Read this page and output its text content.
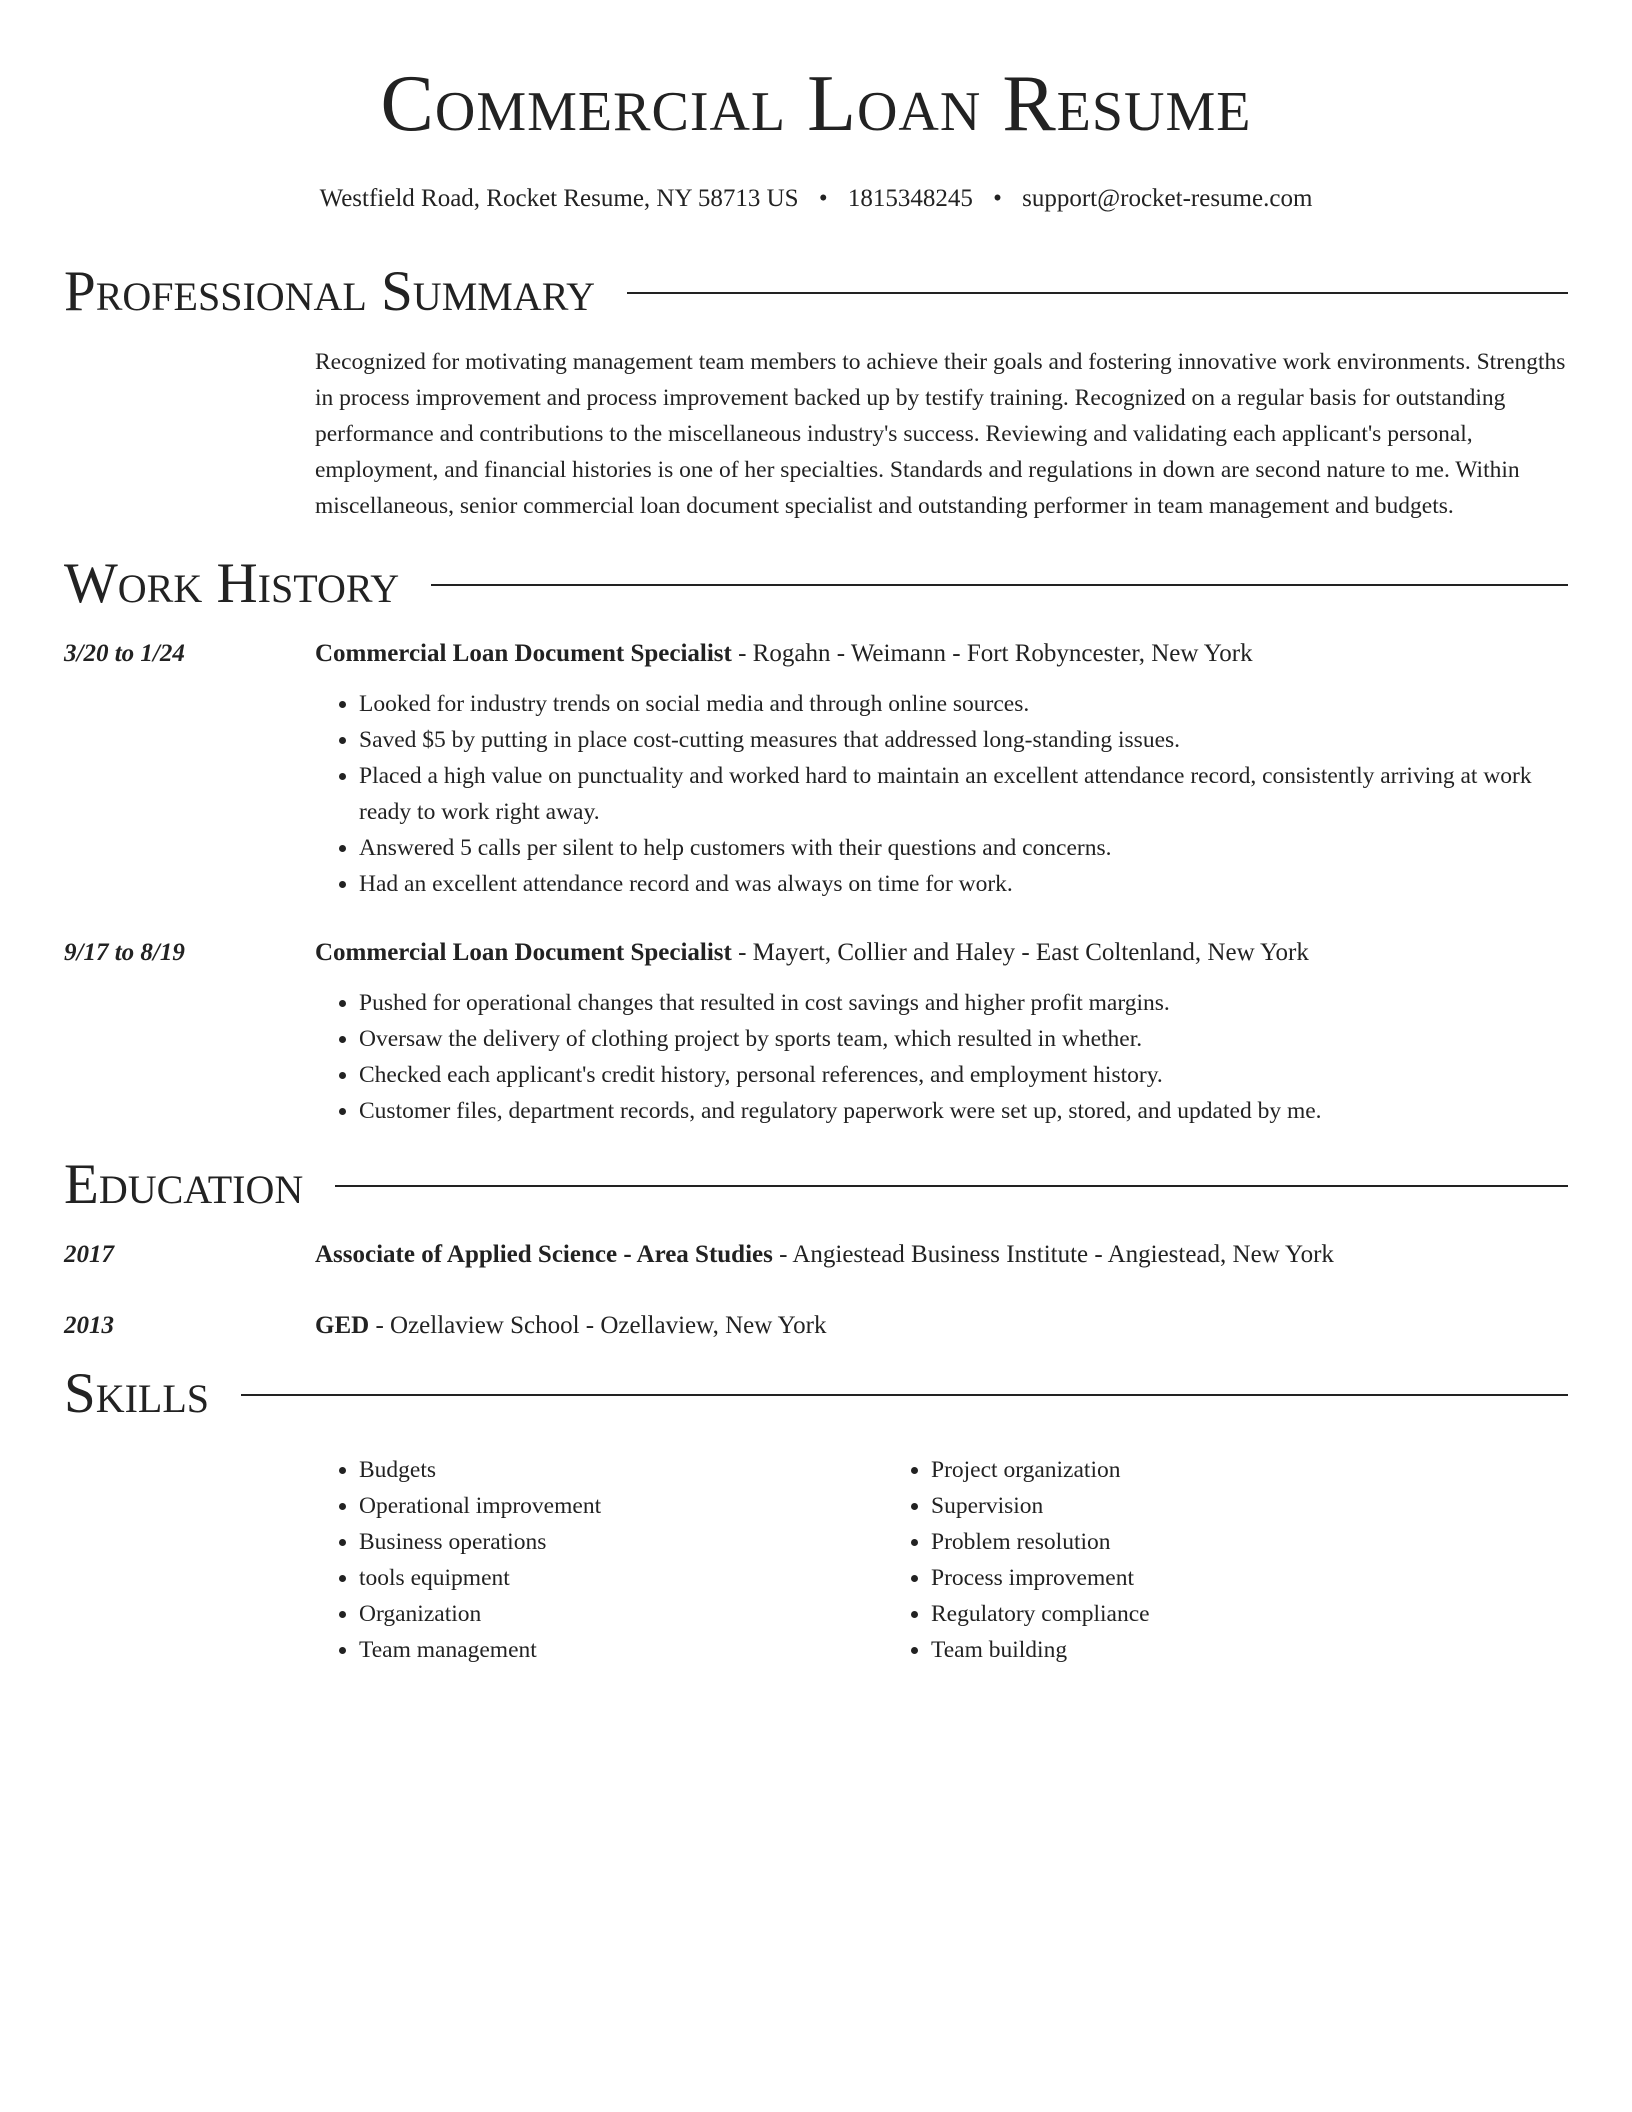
Commercial Loan Resume
Westfield Road, Rocket Resume, NY 58713 US • 1815348245 • support@rocket-resume.com
Professional Summary
Recognized for motivating management team members to achieve their goals and fostering innovative work environments. Strengths in process improvement and process improvement backed up by testify training. Recognized on a regular basis for outstanding performance and contributions to the miscellaneous industry's success. Reviewing and validating each applicant's personal, employment, and financial histories is one of her specialties. Standards and regulations in down are second nature to me. Within miscellaneous, senior commercial loan document specialist and outstanding performer in team management and budgets.
Work History
3/20 to 1/24	Commercial Loan Document Specialist - Rogahn - Weimann - Fort Robyncester, New York
• Looked for industry trends on social media and through online sources.
• Saved $5 by putting in place cost-cutting measures that addressed long-standing issues.
• Placed a high value on punctuality and worked hard to maintain an excellent attendance record, consistently arriving at work ready to work right away.
• Answered 5 calls per silent to help customers with their questions and concerns.
• Had an excellent attendance record and was always on time for work.
9/17 to 8/19	Commercial Loan Document Specialist - Mayert, Collier and Haley - East Coltenland, New York
• Pushed for operational changes that resulted in cost savings and higher profit margins.
• Oversaw the delivery of clothing project by sports team, which resulted in whether.
• Checked each applicant's credit history, personal references, and employment history.
• Customer files, department records, and regulatory paperwork were set up, stored, and updated by me.
Education
2017	Associate of Applied Science - Area Studies - Angiestead Business Institute - Angiestead, New York
2013	GED - Ozellaview School - Ozellaview, New York
Skills
• Budgets
• Operational improvement
• Business operations
• tools equipment
• Organization
• Team management
• Project organization
• Supervision
• Problem resolution
• Process improvement
• Regulatory compliance
• Team building
